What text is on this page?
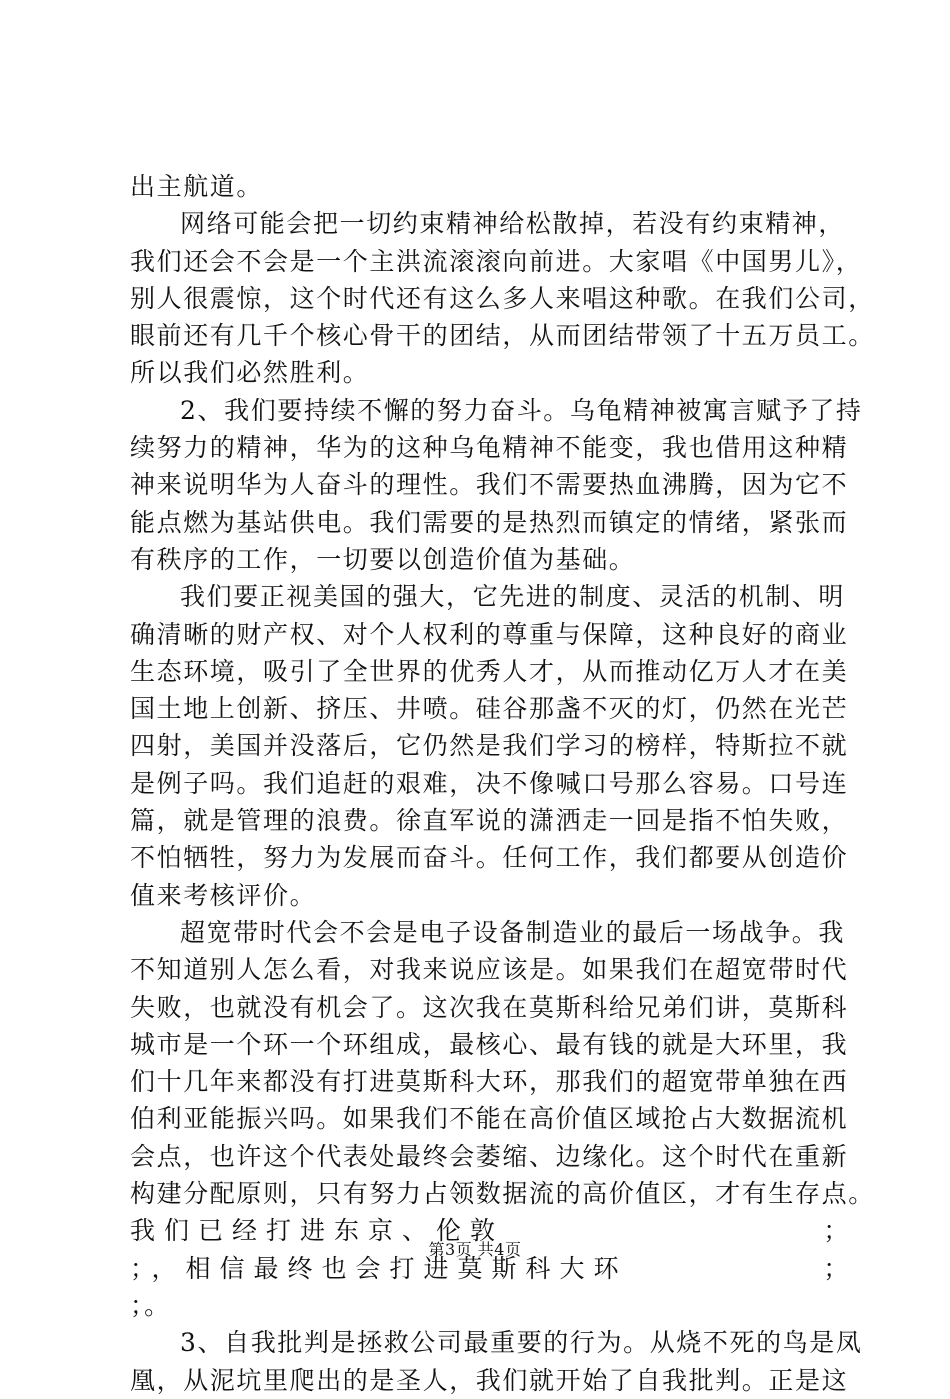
出主航道。
网络可能会把一切约束精神给松散掉，若没有约束精神，
我们还会不会是一个主洪流滚滚向前进。大家唱《中国男儿》，
别人很震惊，这个时代还有这么多人来唱这种歌。在我们公司，
眼前还有几千个核心骨干的团结，从而团结带领了十五万员工。
所以我们必然胜利。
2、我们要持续不懈的努力奋斗。乌龟精神被寓言赋予了持
续努力的精神，华为的这种乌龟精神不能变，我也借用这种精
神来说明华为人奋斗的理性。我们不需要热血沸腾，因为它不
能点燃为基站供电。我们需要的是热烈而镇定的情绪，紧张而
有秩序的工作，一切要以创造价值为基础。
我们要正视美国的强大，它先进的制度、灵活的机制、明
确清晰的财产权、对个人权利的尊重与保障，这种良好的商业
生态环境，吸引了全世界的优秀人才，从而推动亿万人才在美
国土地上创新、挤压、井喷。硅谷那盏不灭的灯，仍然在光芒
四射，美国并没落后，它仍然是我们学习的榜样，特斯拉不就
是例子吗。我们追赶的艰难，决不像喊口号那么容易。口号连
篇，就是管理的浪费。徐直军说的潇洒走一回是指不怕失败，
不怕牺牲，努力为发展而奋斗。任何工作，我们都要从创造价
值来考核评价。
超宽带时代会不会是电子设备制造业的最后一场战争。我
不知道别人怎么看，对我来说应该是。如果我们在超宽带时代
失败，也就没有机会了。这次我在莫斯科给兄弟们讲，莫斯科
城市是一个环一个环组成，最核心、最有钱的就是大环里，我
们十几年来都没有打进莫斯科大环，那我们的超宽带单独在西
伯利亚能振兴吗。如果我们不能在高价值区域抢占大数据流机
会点，也许这个代表处最终会萎缩、边缘化。这个时代在重新
构建分配原则，只有努力占领数据流的高价值区，才有生存点。
我们已经打进东京、伦敦	；
；，相信最终也会打进莫斯科大环	；
；。
3、自我批判是拯救公司最重要的行为。从烧不死的鸟是凤
凰，从泥坑里爬出的是圣人，我们就开始了自我批判。正是这
第3页 共4页
